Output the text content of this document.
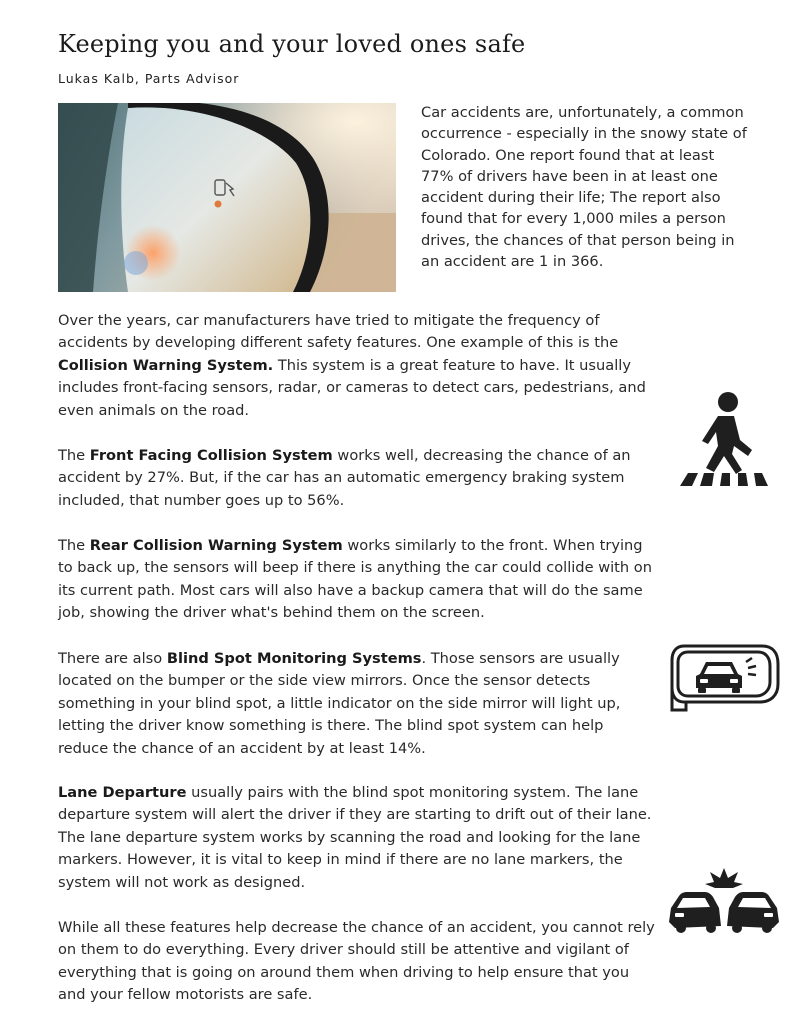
Keeping you and your loved ones safe
Lukas Kalb, Parts Advisor

Car accidents are, unfortunately, a common occurrence - especially in the snowy state of Colorado. One report found that at least 77% of drivers have been in at least one accident during their life; The report also found that for every 1,000 miles a person drives, the chances of that person being in an accident are 1 in 366.

Over the years, car manufacturers have tried to mitigate the frequency of accidents by developing different safety features. One example of this is the Collision Warning System. This system is a great feature to have. It usually includes front-facing sensors, radar, or cameras to detect cars, pedestrians, and even animals on the road.

The Front Facing Collision System works well, decreasing the chance of an accident by 27%. But, if the car has an automatic emergency braking system included, that number goes up to 56%.

The Rear Collision Warning System works similarly to the front. When trying to back up, the sensors will beep if there is anything the car could collide with on its current path. Most cars will also have a backup camera that will do the same job, showing the driver what's behind them on the screen.

There are also Blind Spot Monitoring Systems. Those sensors are usually located on the bumper or the side view mirrors. Once the sensor detects something in your blind spot, a little indicator on the side mirror will light up, letting the driver know something is there. The blind spot system can help reduce the chance of an accident by at least 14%.

Lane Departure usually pairs with the blind spot monitoring system. The lane departure system will alert the driver if they are starting to drift out of their lane. The lane departure system works by scanning the road and looking for the lane markers. However, it is vital to keep in mind if there are no lane markers, the system will not work as designed.

While all these features help decrease the chance of an accident, you cannot rely on them to do everything. Every driver should still be attentive and vigilant of everything that is going on around them when driving to help ensure that you and your fellow motorists are safe.
